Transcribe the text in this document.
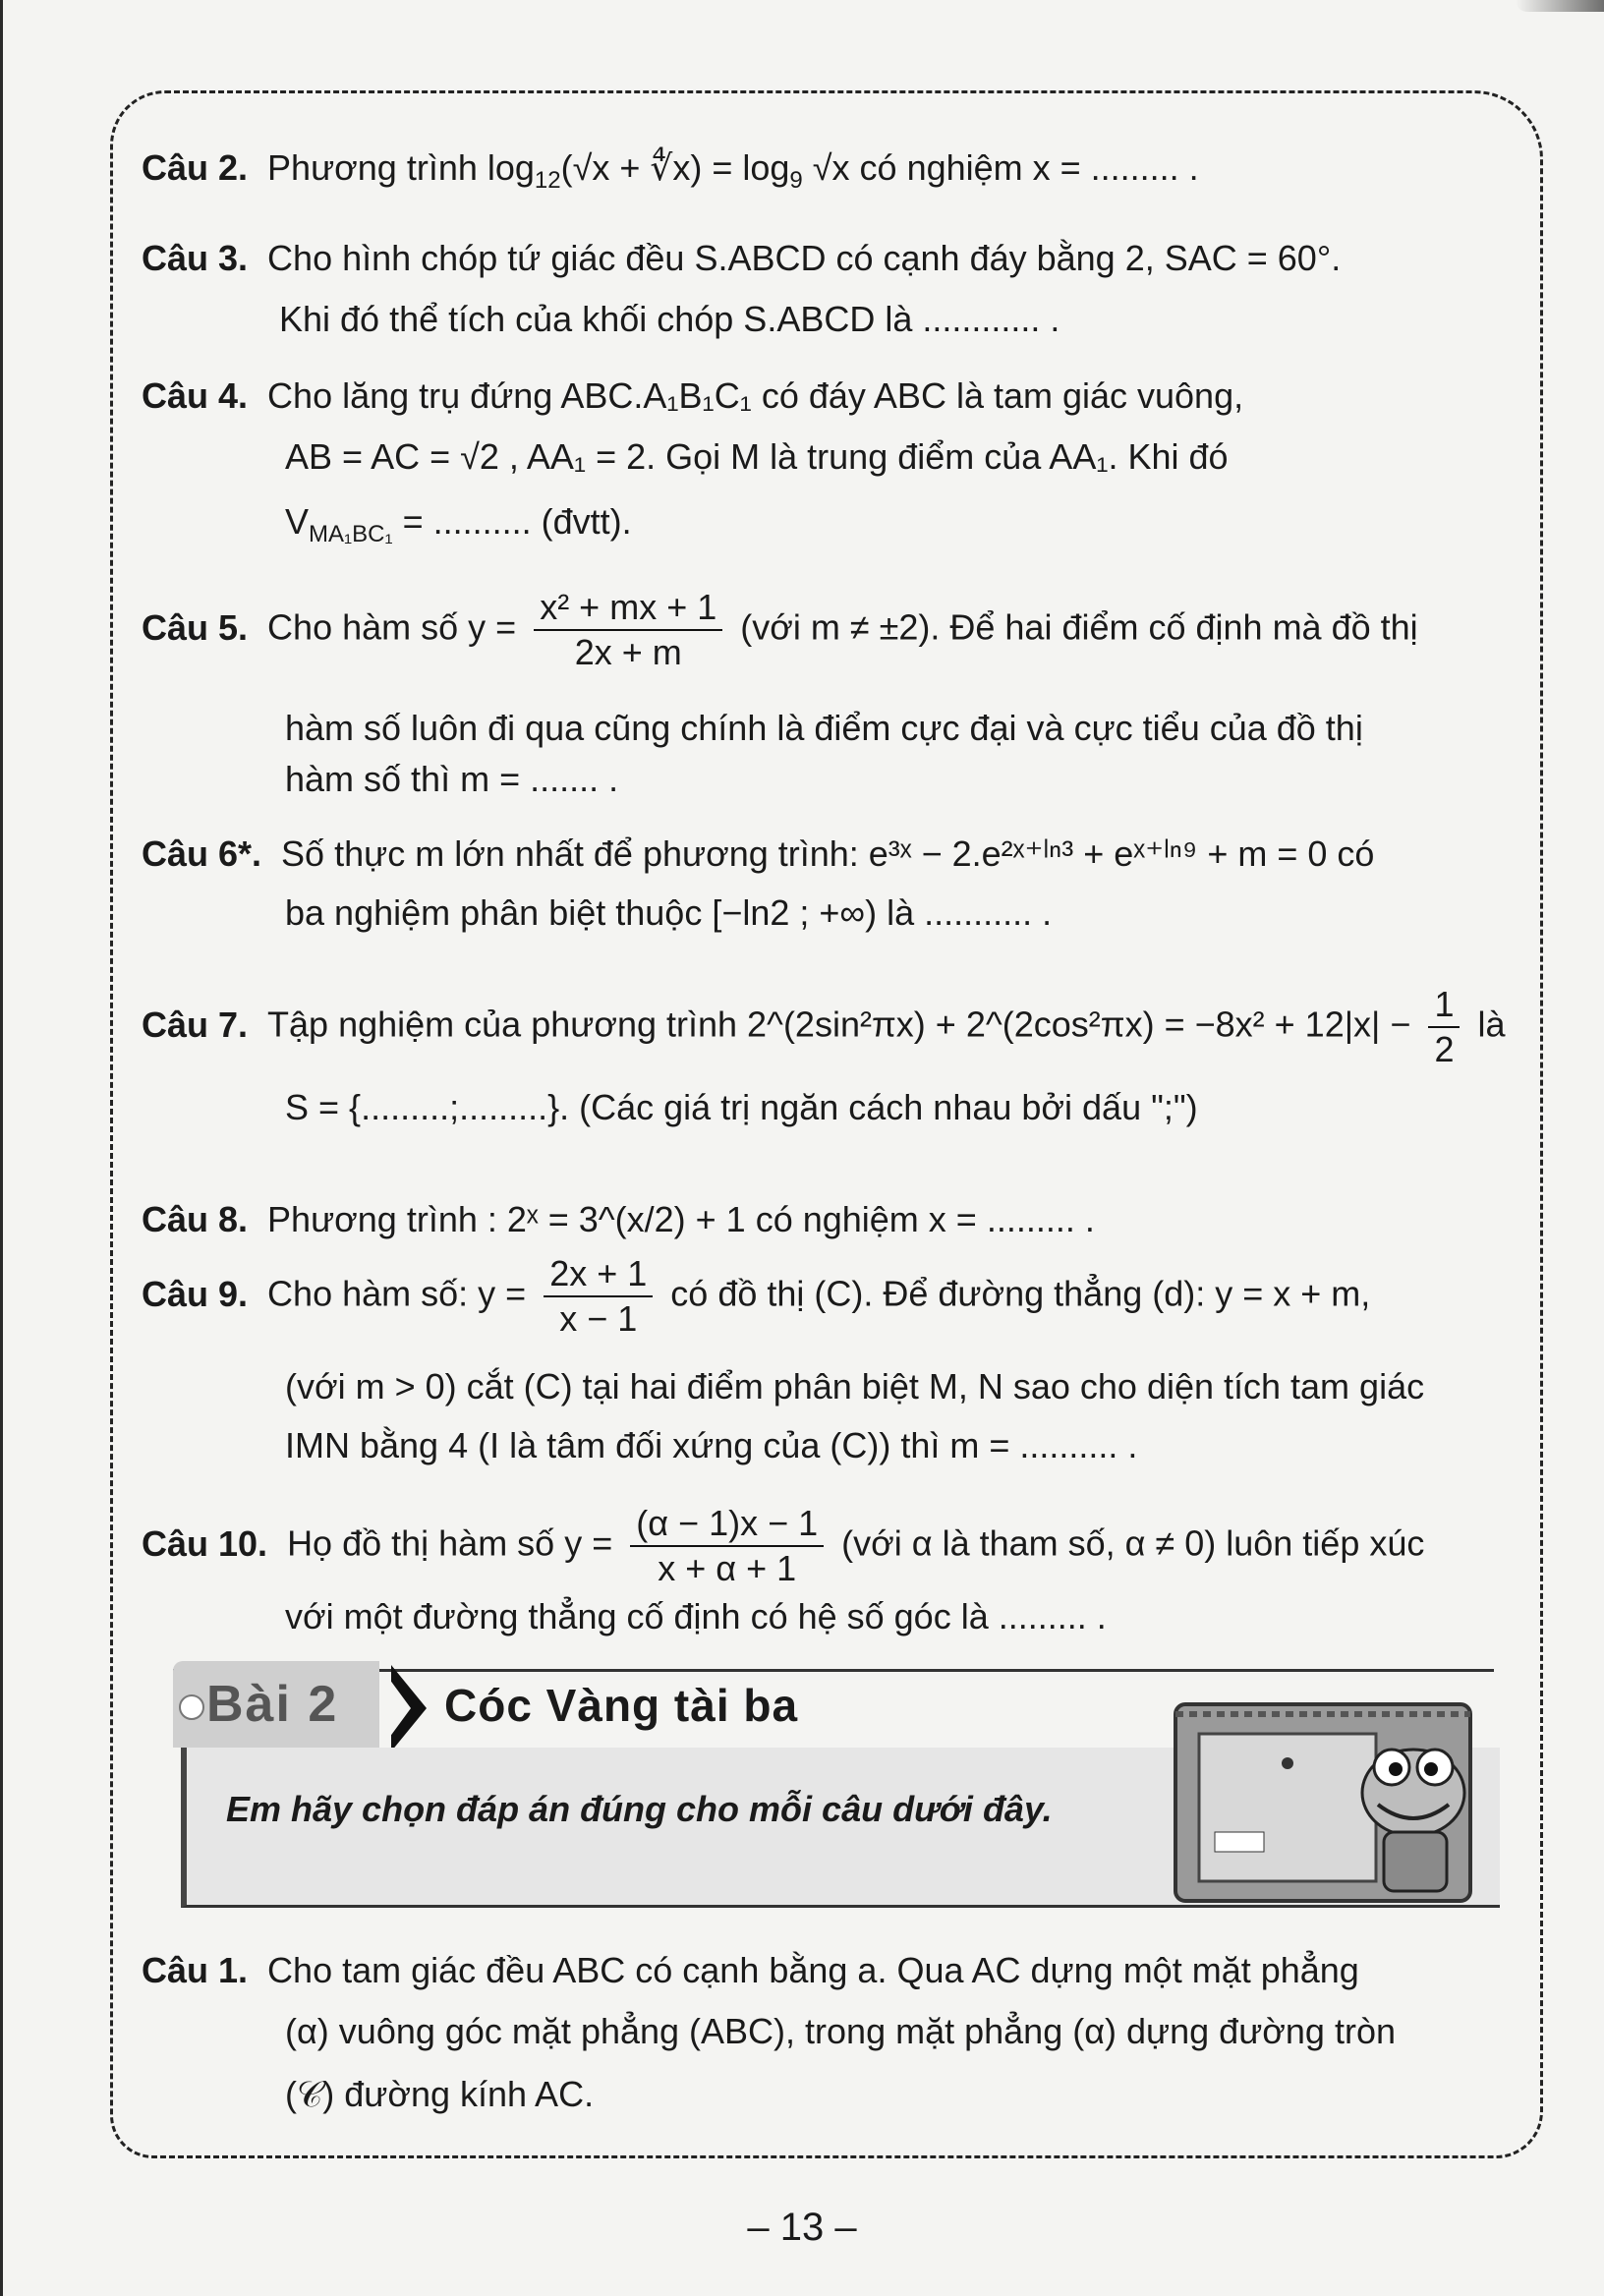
Câu 2. Phương trình $\log_{12}(√x$ + ∜x) = $\log_9 √x$ có nghiệm x = ......... .
Câu 3. Cho hình chóp tứ giác đều S.ABCD có cạnh đáy bằng 2, SAC = 60°.
Khi đó thể tích của khối chóp S.ABCD là ............ .
Câu 4. Cho lăng trụ đứng ABC.A₁B₁C₁ có đáy ABC là tam giác vuông,
AB = AC = √2 , AA₁ = 2. Gọi M là trung điểm của AA₁. Khi đó
$V_{MA_1BC_1}$ = .......... (đvtt).
Câu 5. Cho hàm số $y = \frac{\text{x² + mx + 1}}{2x + m}$ (với m ≠ ±2). Để hai điểm cố định mà đồ thị
hàm số luôn đi qua cũng chính là điểm cực đại và cực tiểu của đồ thị
hàm số thì m = ....... .
Câu 6*. Số thực m lớn nhất để phương trình: e³ˣ − 2.e²ˣ⁺ˡⁿ³ + eˣ⁺ˡⁿ⁹ + m = 0 có
ba nghiệm phân biệt thuộc [−ln2 ; +∞) là ........... .
Câu 7. Tập nghiệm của phương trình 2^(2sin²πx) + 2^(2cos²πx) = $-8x^2 + 12|x| - \frac{1}{2}$ là
S = {.........;.........}. (Các giá trị ngăn cách nhau bởi dấu ";")
Câu 8. Phương trình : 2ˣ = 3^(x/2) + 1 có nghiệm x = ......... .
Câu 9. Cho hàm số: $y = \frac{2x + 1}{x - 1}$ có đồ thị (C). Để đường thẳng (d): y = x + m,
(với m > 0) cắt (C) tại hai điểm phân biệt M, N sao cho diện tích tam giác
IMN bằng 4 (I là tâm đối xứng của (C)) thì m = .......... .
Câu 10. Họ đồ thị hàm số $y = \frac{(\alpha - 1)x - 1}{x + \alpha + 1}$ (với α là tham số, α ≠ 0) luôn tiếp xúc
với một đường thẳng cố định có hệ số góc là ......... .
Bài 2 Cóc Vàng tài ba
Em hãy chọn đáp án đúng cho mỗi câu dưới đây.
Câu 1. Cho tam giác đều ABC có cạnh bằng a. Qua AC dựng một mặt phẳng
(α) vuông góc mặt phẳng (ABC), trong mặt phẳng (α) dựng đường tròn
(𝒞) đường kính AC.
– 13 –
